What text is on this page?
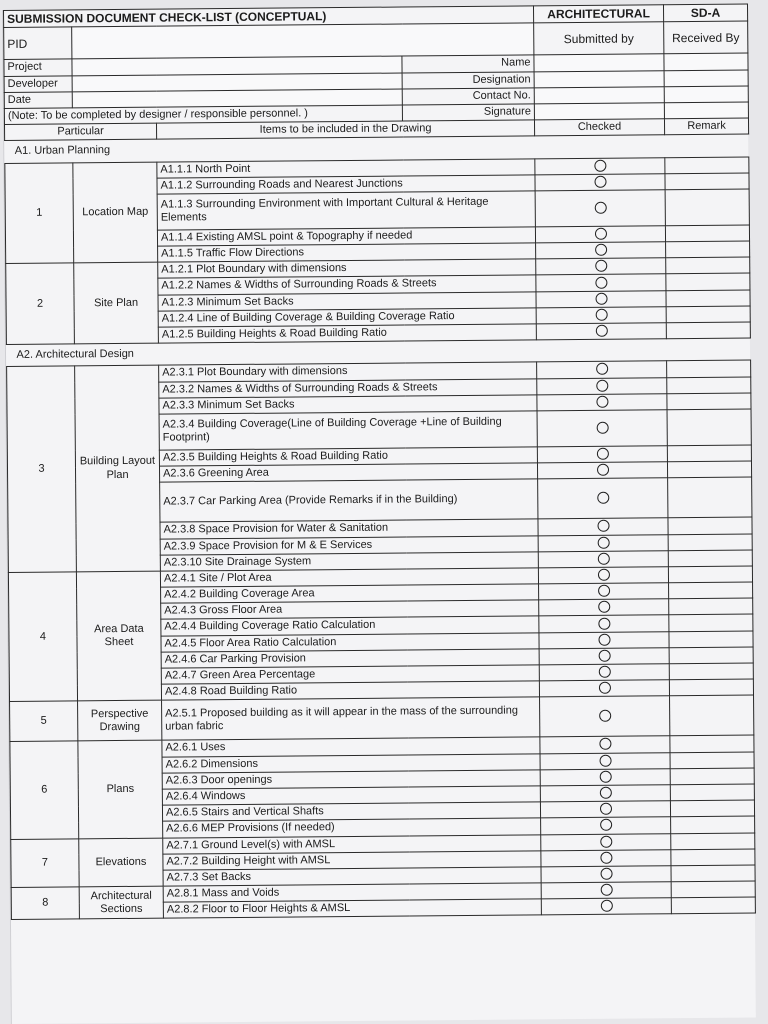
SUBMISSION DOCUMENT CHECK-LIST (CONCEPTUAL)				ARCHITECTURAL	SD-A
PID				Submitted by	Received By
Project			Name		
Developer			Designation		
Date			Contact No.		
(Note: To be completed by designer / responsible personnel. )			Signature		
Particular		Items to be included in the Drawing		Checked	Remark
A1. Urban Planning					
1	Location Map	A1.1.1 North Point			
		A1.1.2 Surrounding Roads and Nearest Junctions			
		A1.1.3 Surrounding Environment with Important Cultural & Heritage Elements			
		A1.1.4 Existing AMSL point & Topography if needed			
		A1.1.5 Traffic Flow Directions			
2	Site Plan	A1.2.1 Plot Boundary with dimensions			
		A1.2.2 Names & Widths of Surrounding Roads & Streets			
		A1.2.3 Minimum Set Backs			
		A1.2.4 Line of Building Coverage & Building Coverage Ratio			
		A1.2.5 Building Heights & Road Building Ratio			
A2. Architectural Design					
3	Building Layout Plan	A2.3.1 Plot Boundary with dimensions			
		A2.3.2 Names & Widths of Surrounding Roads & Streets			
		A2.3.3 Minimum Set Backs			
		A2.3.4 Building Coverage(Line of Building Coverage +Line of Building Footprint)			
		A2.3.5 Building Heights & Road Building Ratio			
		A2.3.6 Greening Area			
		A2.3.7 Car Parking Area (Provide Remarks if in the Building)			
		A2.3.8 Space Provision for Water & Sanitation			
		A2.3.9 Space Provision for M & E Services			
		A2.3.10 Site Drainage System			
4	Area Data Sheet	A2.4.1 Site / Plot Area			
		A2.4.2 Building Coverage Area			
		A2.4.3 Gross Floor Area			
		A2.4.4 Building Coverage Ratio Calculation			
		A2.4.5 Floor Area Ratio Calculation			
		A2.4.6 Car Parking Provision			
		A2.4.7 Green Area Percentage			
		A2.4.8 Road Building Ratio			
5	Perspective Drawing	A2.5.1 Proposed building as it will appear in the mass of the surrounding urban fabric			
6	Plans	A2.6.1 Uses			
		A2.6.2 Dimensions			
		A2.6.3 Door openings			
		A2.6.4 Windows			
		A2.6.5 Stairs and Vertical Shafts			
		A2.6.6 MEP Provisions (If needed)			
7	Elevations	A2.7.1 Ground Level(s) with AMSL			
		A2.7.2 Building Height with AMSL			
		A2.7.3 Set Backs			
8	Architectural Sections	A2.8.1 Mass and Voids			
		A2.8.2 Floor to Floor Heights & AMSL			
